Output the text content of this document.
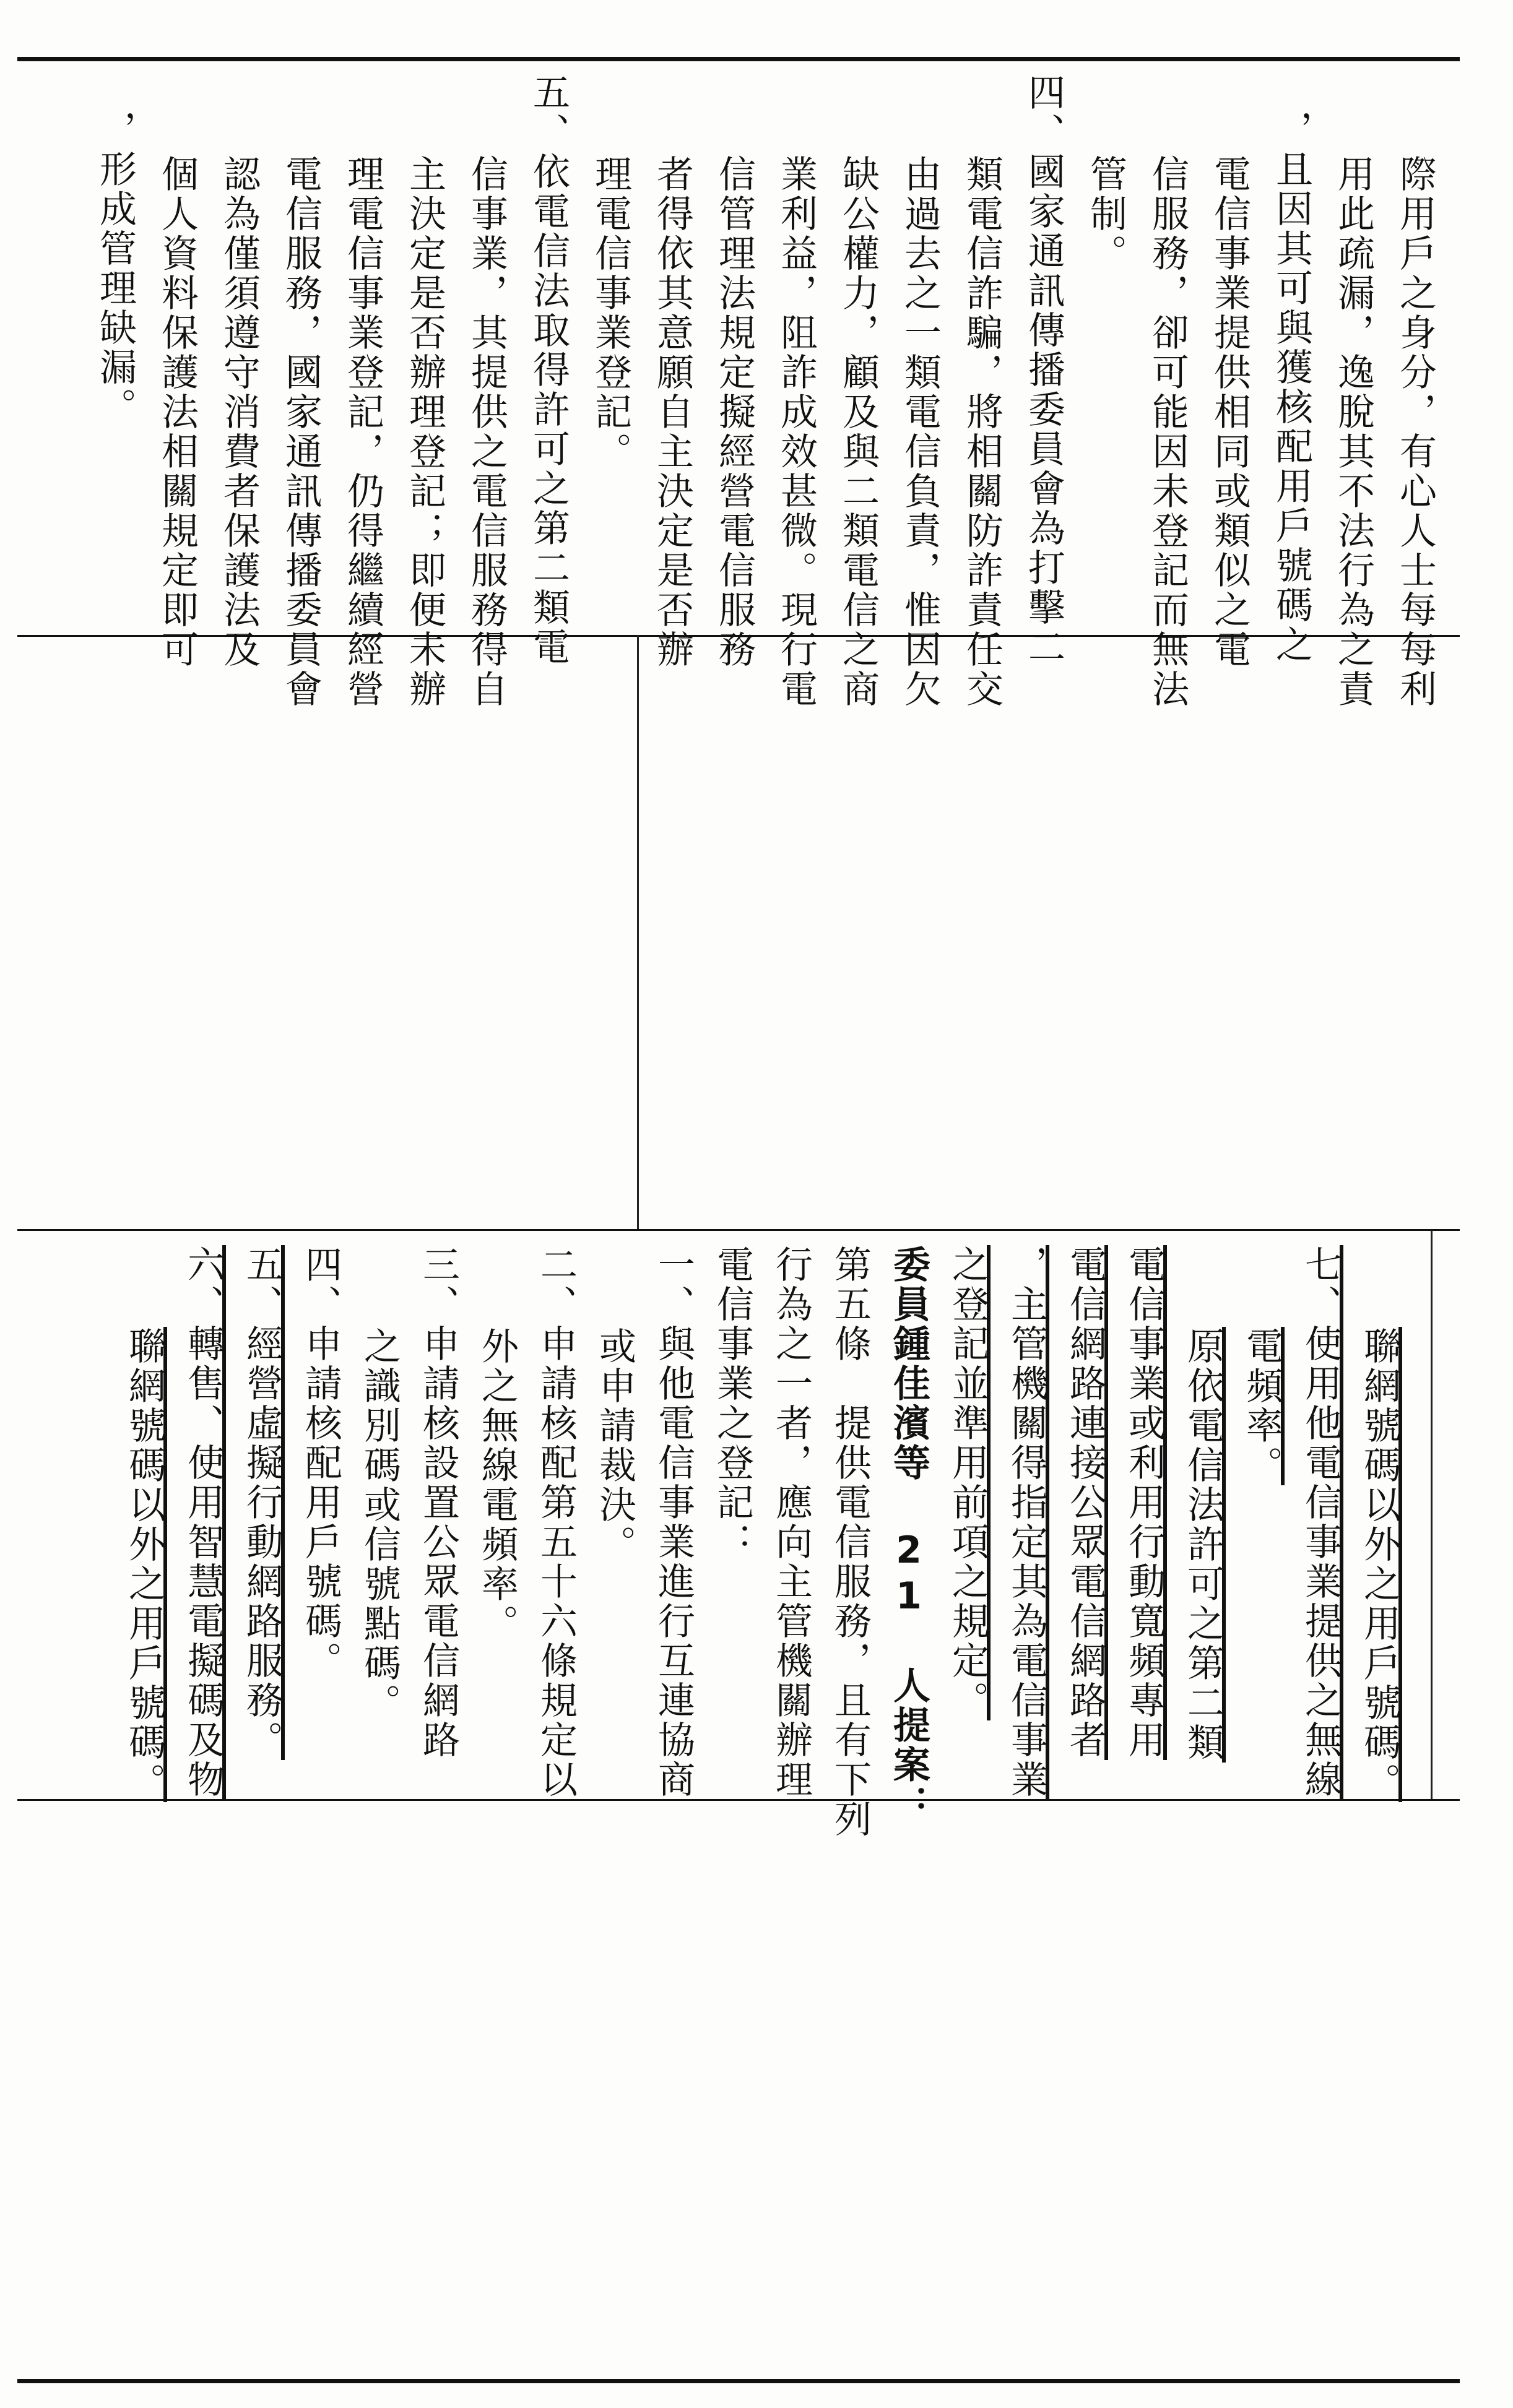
際用戶之身分，有心人士每每利
用此疏漏，逸脫其不法行為之責
，且因其可與獲核配用戶號碼之
電信事業提供相同或類似之電
信服務，卻可能因未登記而無法
管制。
四、國家通訊傳播委員會為打擊二
類電信詐騙，將相關防詐責任交
由過去之一類電信負責，惟因欠
缺公權力，顧及與二類電信之商
業利益，阻詐成效甚微。現行電
信管理法規定擬經營電信服務
者得依其意願自主決定是否辦
理電信事業登記。
五、依電信法取得許可之第二類電
信事業，其提供之電信服務得自
主決定是否辦理登記；即便未辦
理電信事業登記，仍得繼續經營
電信服務，國家通訊傳播委員會
認為僅須遵守消費者保護法及
個人資料保護法相關規定即可
，形成管理缺漏。
聯網號碼以外之用戶號碼。
七、使用他電信事業提供之無線
電頻率。
原依電信法許可之第二類
電信事業或利用行動寬頻專用
電信網路連接公眾電信網路者
，主管機關得指定其為電信事業
之登記並準用前項之規定。
委員鍾佳濱等 21 人提案：
第五條　提供電信服務，且有下列
行為之一者，應向主管機關辦理
電信事業之登記：
一、與他電信事業進行互連協商
或申請裁決。
二、申請核配第五十六條規定以
外之無線電頻率。
三、申請核設置公眾電信網路
之識別碼或信號點碼。
四、申請核配用戶號碼。
五、經營虛擬行動網路服務。
六、轉售、使用智慧電擬碼及物
聯網號碼以外之用戶號碼。
